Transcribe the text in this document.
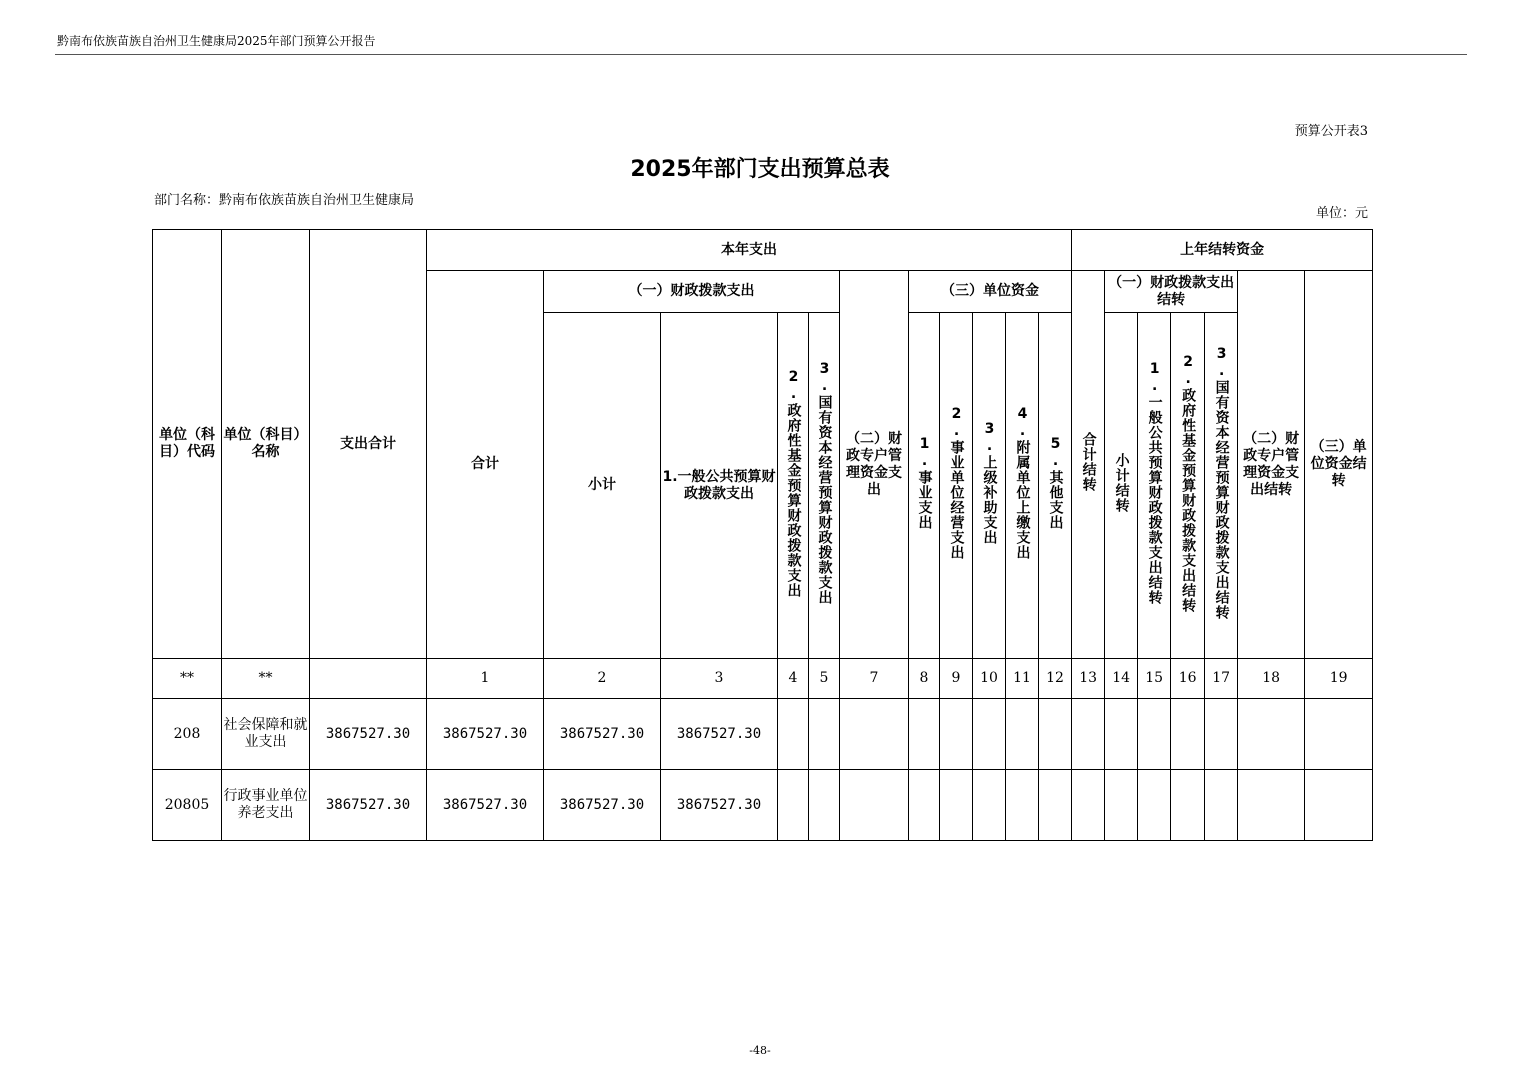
黔南布依族苗族自治州卫生健康局2025年部门预算公开报告
预算公开表3
2025年部门支出预算总表
部门名称：黔南布依族苗族自治州卫生健康局
单位：元
单位（科目）代码	单位（科目）名称	支出合计	本年支出											上年结转资金						
			合计	（一）财政拨款支出				（二）财政专户管理资金支出	（三）单位资金					合计结转	（一）财政拨款支出结转				（二）财政专户管理资金支出结转	（三）单位资金结转
				小计	1.一般公共预算财政拨款支出	2.政府性基金预算财政拨款支出	3.国有资本经营预算财政拨款支出		1.事业支出	2.事业单位经营支出	3.上级补助支出	4.附属单位上缴支出	5.其他支出		小计结转	1.一般公共预算财政拨款支出结转	2.政府性基金预算财政拨款支出结转	3.国有资本经营预算财政拨款支出结转		
**	**		1	2	3	4	5	7	8	9	10	11	12	13	14	15	16	17	18	19
208	社会保障和就业支出	3867527.30	3867527.30	3867527.30	3867527.30															
20805	行政事业单位养老支出	3867527.30	3867527.30	3867527.30	3867527.30															
-48-
